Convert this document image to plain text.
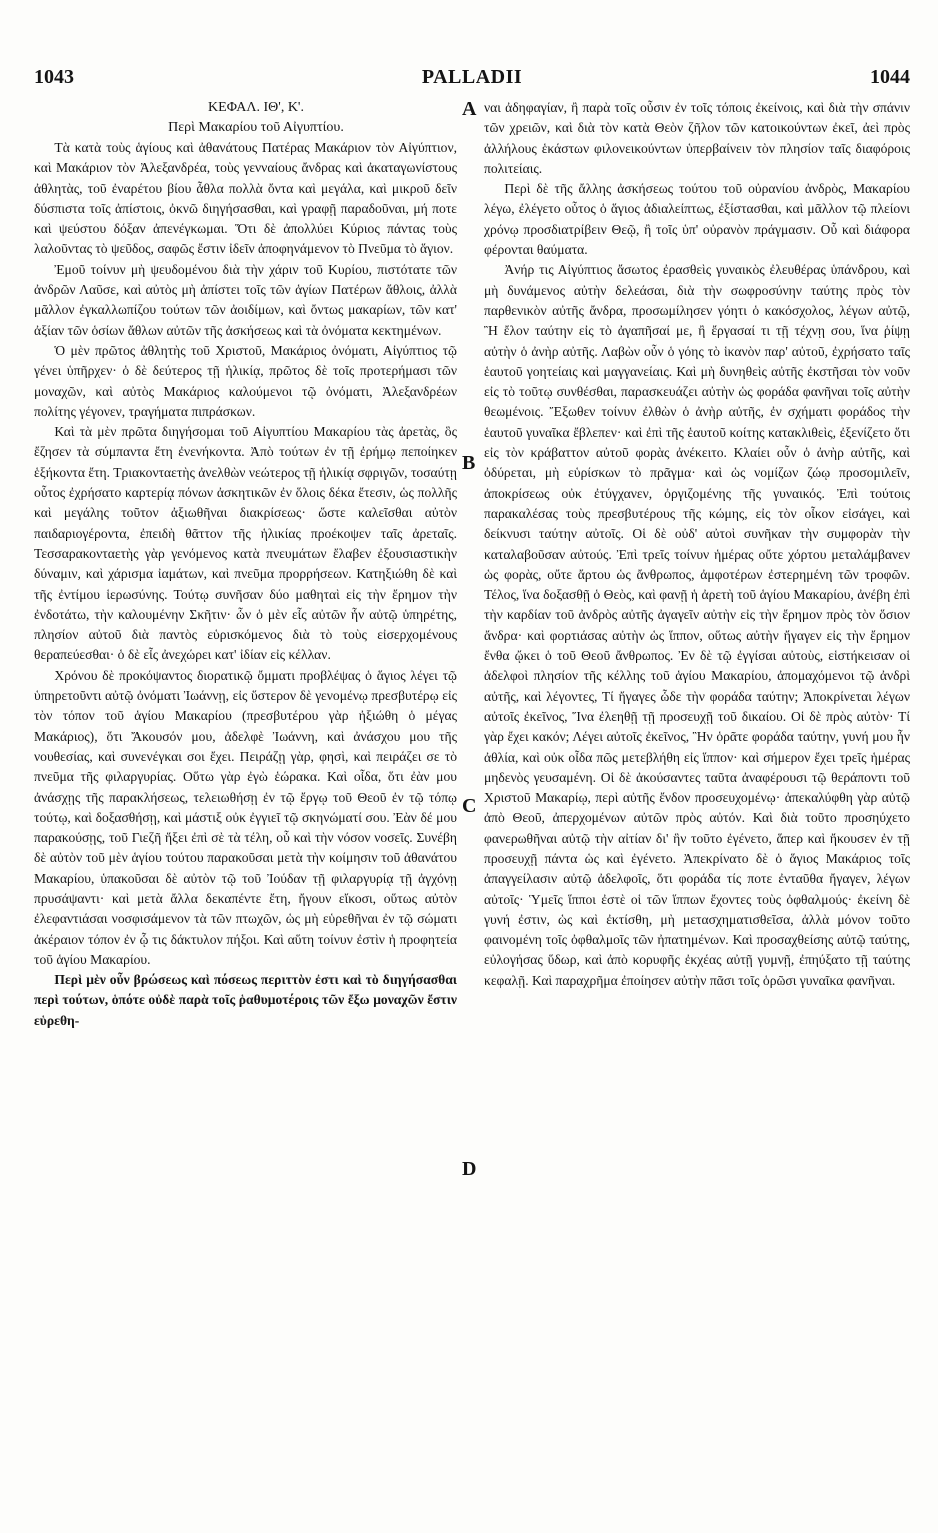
1043	PALLADII	1044

ΚΕΦΑΛ. ΙΘ', Κ'.

Περὶ Μακαρίου τοῦ Αἰγυπτίου.

Τὰ κατὰ τοὺς ἁγίους καὶ ἀθανάτους Πατέρας Μακάριον τὸν Αἰγύπτιον, καὶ Μακάριον τὸν Ἀλεξανδρέα, τοὺς γενναίους ἄνδρας καὶ ἀκαταγωνίστους ἀθλητὰς, τοῦ ἐναρέτου βίου ἆθλα πολλὰ ὄντα καὶ μεγάλα, καὶ μικροῦ δεῖν δύσπιστα τοῖς ἀπίστοις, ὀκνῶ διηγήσασθαι, καὶ γραφῇ παραδοῦναι, μή ποτε καὶ ψεύστου δόξαν ἀπενέγκωμαι. Ὅτι δὲ ἀπολλύει Κύριος πάντας τοὺς λαλοῦντας τὸ ψεῦδος, σαφῶς ἔστιν ἰδεῖν ἀποφηνάμενον τὸ Πνεῦμα τὸ ἅγιον.

Ἐμοῦ τοίνυν μὴ ψευδομένου διὰ τὴν χάριν τοῦ Κυρίου, πιστότατε τῶν ἀνδρῶν Λαῦσε, καὶ αὐτὸς μὴ ἀπίστει τοῖς τῶν ἁγίων Πατέρων ἄθλοις, ἀλλὰ μᾶλλον ἐγκαλλωπίζου τούτων τῶν ἀοιδίμων, καὶ ὄντως μακαρίων, τῶν κατ' ἀξίαν τῶν ὁσίων ἄθλων αὐτῶν τῆς ἀσκήσεως καὶ τὰ ὀνόματα κεκτημένων.

Ὁ μὲν πρῶτος ἀθλητὴς τοῦ Χριστοῦ, Μακάριος ὀνόματι, Αἰγύπτιος τῷ γένει ὑπῆρχεν· ὁ δὲ δεύτερος τῇ ἡλικίᾳ, πρῶτος δὲ τοῖς προτερήμασι τῶν μοναχῶν, καὶ αὐτὸς Μακάριος καλούμενοι τῷ ὀνόματι, Ἀλεξανδρέων πολίτης γέγονεν, τραγήματα πιπράσκων.

Καὶ τὰ μὲν πρῶτα διηγήσομαι τοῦ Αἰγυπτίου Μακαρίου τὰς ἀρετὰς, ὃς ἔζησεν τὰ σύμπαντα ἔτη ἐνενήκοντα. Ἀπὸ τούτων ἐν τῇ ἐρήμῳ πεποίηκεν ἑξήκοντα ἔτη. Τριακονταετὴς ἀνελθὼν νεώτερος τῇ ἡλικίᾳ σφριγῶν, τοσαύτῃ οὗτος ἐχρήσατο καρτερίᾳ πόνων ἀσκητικῶν ἐν ὅλοις δέκα ἔτεσιν, ὡς πολλῆς καὶ μεγάλης τοῦτον ἀξιωθῆναι διακρίσεως· ὥστε καλεῖσθαι αὐτὸν παιδαριογέροντα, ἐπειδὴ θᾶττον τῆς ἡλικίας προέκοψεν ταῖς ἀρεταῖς. Τεσσαρακονταετὴς γὰρ γενόμενος κατὰ πνευμάτων ἔλαβεν ἐξουσιαστικὴν δύναμιν, καὶ χάρισμα ἰαμάτων, καὶ πνεῦμα προρρήσεων. Κατηξιώθη δὲ καὶ τῆς ἐντίμου ἱερωσύνης. Τούτῳ συνῆσαν δύο μαθηταὶ εἰς τὴν ἔρημον τὴν ἐνδοτάτω, τὴν καλουμένην Σκῆτιν· ὧν ὁ μὲν εἷς αὐτῶν ἦν αὐτῷ ὑπηρέτης, πλησίον αὐτοῦ διὰ παντὸς εὑρισκόμενος διὰ τὸ τοὺς εἰσερχομένους θεραπεύεσθαι· ὁ δὲ εἷς ἀνεχώρει κατ' ἰδίαν εἰς κέλλαν.

Χρόνου δὲ προκόψαντος διορατικῷ ὄμματι προβλέψας ὁ ἅγιος λέγει τῷ ὑπηρετοῦντι αὐτῷ ὀνόματι Ἰωάννῃ, εἰς ὕστερον δὲ γενομένῳ πρεσβυτέρῳ εἰς τὸν τόπον τοῦ ἁγίου Μακαρίου (πρεσβυτέρου γὰρ ἠξιώθη ὁ μέγας Μακάριος), ὅτι Ἄκουσόν μου, ἀδελφὲ Ἰωάννη, καὶ ἀνάσχου μου τῆς νουθεσίας, καὶ συνενέγκαι σοι ἔχει. Πειράζῃ γὰρ, φησὶ, καὶ πειράζει σε τὸ πνεῦμα τῆς φιλαργυρίας. Οὕτω γὰρ ἐγὼ ἑώρακα. Καὶ οἶδα, ὅτι ἐὰν μου ἀνάσχῃς τῆς παρακλήσεως, τελειωθήσῃ ἐν τῷ ἔργῳ τοῦ Θεοῦ ἐν τῷ τόπῳ τούτῳ, καὶ δοξασθήσῃ, καὶ μάστιξ οὐκ ἐγγιεῖ τῷ σκηνώματί σου. Ἐὰν δέ μου παρακούσῃς, τοῦ Γιεζῆ ἥξει ἐπὶ σὲ τὰ τέλη, οὗ καὶ τὴν νόσον νοσεῖς. Συνέβη δὲ αὐτὸν τοῦ μὲν ἁγίου τούτου παρακοῦσαι μετὰ τὴν κοίμησιν τοῦ ἀθανάτου Μακαρίου, ὑπακοῦσαι δὲ αὐτὸν τῷ τοῦ Ἰούδαν τῇ φιλαργυρίᾳ τῇ ἀγχόνῃ πρυσάψαντι· καὶ μετὰ ἄλλα δεκαπέντε ἔτη, ἤγουν εἴκοσι, οὕτως αὐτὸν ἐλεφαντιάσαι νοσφισάμενον τὰ τῶν πτωχῶν, ὡς μὴ εὑρεθῆναι ἐν τῷ σώματι ἀκέραιον τόπον ἐν ᾧ τις δάκτυλον πήξοι. Καὶ αὕτη τοίνυν ἐστὶν ἡ προφητεία τοῦ ἁγίου Μακαρίου.

Περὶ μὲν οὖν βρώσεως καὶ πόσεως περιττὸν ἐστι καὶ τὸ διηγήσασθαι περὶ τούτων, ὁπότε οὐδὲ παρὰ τοῖς ῥαθυμοτέροις τῶν ἔξω μοναχῶν ἔστιν εὑρεθη-

A
B
C
D

ναι ἀδηφαγίαν, ἢ παρὰ τοῖς οὖσιν ἐν τοῖς τόποις ἐκείνοις, καὶ διὰ τὴν σπάνιν τῶν χρειῶν, καὶ διὰ τὸν κατὰ Θεὸν ζῆλον τῶν κατοικούντων ἐκεῖ, ἀεὶ πρὸς ἀλλήλους ἑκάστων φιλονεικούντων ὑπερβαίνειν τὸν πλησίον ταῖς διαφόροις πολιτείαις.

Περὶ δὲ τῆς ἄλλης ἀσκήσεως τούτου τοῦ οὐρανίου ἀνδρὸς, Μακαρίου λέγω, ἐλέγετο οὗτος ὁ ἅγιος ἀδιαλείπτως, ἐξίστασθαι, καὶ μᾶλλον τῷ πλείονι χρόνῳ προσδιατρίβειν Θεῷ, ἢ τοῖς ὑπ' οὐρανὸν πράγμασιν. Οὗ καὶ διάφορα φέρονται θαύματα.

Ἀνήρ τις Αἰγύπτιος ἄσωτος ἐρασθεὶς γυναικὸς ἐλευθέρας ὑπάνδρου, καὶ μὴ δυνάμενος αὐτὴν δελεάσαι, διὰ τὴν σωφροσύνην ταύτης πρὸς τὸν παρθενικὸν αὐτῆς ἄνδρα, προσωμίλησεν γόητι ὁ κακόσχολος, λέγων αὐτῷ, Ἢ ἔλον ταύτην εἰς τὸ ἀγαπῆσαί με, ἢ ἔργασαί τι τῇ τέχνῃ σου, ἵνα ῥίψῃ αὐτὴν ὁ ἀνὴρ αὐτῆς. Λαβὼν οὖν ὁ γόης τὸ ἱκανὸν παρ' αὐτοῦ, ἐχρήσατο ταῖς ἑαυτοῦ γοητείαις καὶ μαγγανείαις. Καὶ μὴ δυνηθεὶς αὐτῆς ἐκστῆσαι τὸν νοῦν εἰς τὸ τοῦτῳ συνθέσθαι, παρασκευάζει αὐτὴν ὡς φοράδα φανῆναι τοῖς αὐτὴν θεωμένοις. Ἔξωθεν τοίνυν ἐλθὼν ὁ ἀνὴρ αὐτῆς, ἐν σχήματι φοράδος τὴν ἑαυτοῦ γυναῖκα ἔβλεπεν· καὶ ἐπὶ τῆς ἑαυτοῦ κοίτης κατακλιθεὶς, ἐξενίζετο ὅτι εἰς τὸν κράβαττον αὐτοῦ φορὰς ἀνέκειτο. Κλαίει οὖν ὁ ἀνὴρ αὐτῆς, καὶ ὀδύρεται, μὴ εὑρίσκων τὸ πρᾶγμα· καὶ ὡς νομίζων ζώῳ προσομιλεῖν, ἀποκρίσεως οὐκ ἐτύγχανεν, ὀργιζομένης τῆς γυναικός. Ἐπὶ τούτοις παρακαλέσας τοὺς πρεσβυτέρους τῆς κώμης, εἰς τὸν οἶκον εἰσάγει, καὶ δείκνυσι ταύτην αὐτοῖς. Οἱ δὲ οὐδ' αὐτοὶ συνῆκαν τὴν συμφορὰν τὴν καταλαβοῦσαν αὐτούς. Ἐπὶ τρεῖς τοίνυν ἡμέρας οὔτε χόρτου μεταλάμβανεν ὡς φορὰς, οὔτε ἄρτου ὡς ἄνθρωπος, ἀμφοτέρων ἐστερημένη τῶν τροφῶν. Τέλος, ἵνα δοξασθῇ ὁ Θεὸς, καὶ φανῇ ἡ ἀρετὴ τοῦ ἁγίου Μακαρίου, ἀνέβη ἐπὶ τὴν καρδίαν τοῦ ἀνδρὸς αὐτῆς ἀγαγεῖν αὐτὴν εἰς τὴν ἔρημον πρὸς τὸν ὅσιον ἄνδρα· καὶ φορτιάσας αὐτὴν ὡς ἵππον, οὕτως αὐτὴν ἤγαγεν εἰς τὴν ἔρημον ἔνθα ᾤκει ὁ τοῦ Θεοῦ ἄνθρωπος. Ἐν δὲ τῷ ἐγγίσαι αὐτοὺς, εἱστήκεισαν οἱ ἀδελφοὶ πλησίον τῆς κέλλης τοῦ ἁγίου Μακαρίου, ἀπομαχόμενοι τῷ ἀνδρὶ αὐτῆς, καὶ λέγοντες, Τί ἤγαγες ὧδε τὴν φοράδα ταύτην; Ἀποκρίνεται λέγων αὐτοῖς ἐκεῖνος, Ἵνα ἐλεηθῇ τῇ προσευχῇ τοῦ δικαίου. Οἱ δὲ πρὸς αὐτὸν· Τί γὰρ ἔχει κακόν; Λέγει αὐτοῖς ἐκεῖνος, Ἣν ὁρᾶτε φοράδα ταύτην, γυνή μου ἦν ἀθλία, καὶ οὐκ οἶδα πῶς μετεβλήθη εἰς ἵππον· καὶ σήμερον ἔχει τρεῖς ἡμέρας μηδενὸς γευσαμένη. Οἱ δὲ ἀκούσαντες ταῦτα ἀναφέρουσι τῷ θεράποντι τοῦ Χριστοῦ Μακαρίῳ, περὶ αὐτῆς ἔνδον προσευχομένῳ· ἀπεκαλύφθη γὰρ αὐτῷ ἀπὸ Θεοῦ, ἀπερχομένων αὐτῶν πρὸς αὐτόν. Καὶ διὰ τοῦτο προσηύχετο φανερωθῆναι αὐτῷ τὴν αἰτίαν δι' ἣν τοῦτο ἐγένετο, ἅπερ καὶ ἤκουσεν ἐν τῇ προσευχῇ πάντα ὡς καὶ ἐγένετο. Ἀπεκρίνατο δὲ ὁ ἅγιος Μακάριος τοῖς ἀπαγγείλασιν αὐτῷ ἀδελφοῖς, ὅτι φοράδα τίς ποτε ἐνταῦθα ἤγαγεν, λέγων αὐτοῖς· Ὑμεῖς ἵπποι ἐστὲ οἱ τῶν ἵππων ἔχοντες τοὺς ὀφθαλμούς· ἐκείνη δὲ γυνή ἐστιν, ὡς καὶ ἐκτίσθη, μὴ μετασχηματισθεῖσα, ἀλλὰ μόνον τοῦτο φαινομένη τοῖς ὀφθαλμοῖς τῶν ἠπατημένων. Καὶ προσαχθείσης αὐτῷ ταύτης, εὐλογήσας ὕδωρ, καὶ ἀπὸ κορυφῆς ἐκχέας αὐτῇ γυμνῇ, ἐπηύξατο τῇ ταύτης κεφαλῇ. Καὶ παραχρῆμα ἐποίησεν αὐτὴν πᾶσι τοῖς ὁρῶσι γυναῖκα φανῆναι.
